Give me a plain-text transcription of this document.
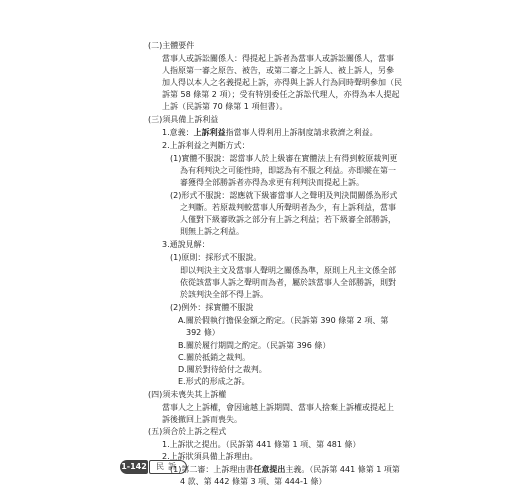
(二)主體要件
當事人或訴訟關係人：得提起上訴者為當事人或訴訟關係人，當事
人指原第一審之原告、被告，或第二審之上訴人、被上訴人，另參
加人得以本人之名義提起上訴，亦得與上訴人行為同時聲明參加（民
訴第 58 條第 2 項）；受有特別委任之訴訟代理人，亦得為本人提起
上訴（民訴第 70 條第 1 項但書）。
(三)須具備上訴利益
1.意義：上訴利益指當事人得利用上訴制度請求救濟之利益。
2.上訴利益之判斷方式：
(1)實體不服說：認當事人於上級審在實體法上有得到較原裁判更
為有利判決之可能性時，即認為有不服之利益。亦即縱在第一
審獲得全部勝訴者亦得為求更有利判決而提起上訴。
(2)形式不服說：認應就下級審當事人之聲明及判決間關係為形式
之判斷。若原裁判較當事人所聲明者為少，有上訴利益，當事
人僅對下級審敗訴之部分有上訴之利益；若下級審全部勝訴，
則無上訴之利益。
3.通說見解：
(1)原則：採形式不服說。
即以判決主文及當事人聲明之關係為準，原則上凡主文係全部
依從該當事人訴之聲明而為者，屬於該當事人全部勝訴，則對
於該判決全部不得上訴。
(2)例外：採實體不服說
A.關於假執行擔保金額之酌定。（民訴第 390 條第 2 項、第
392 條）
B.關於履行期間之酌定。（民訴第 396 條）
C.關於抵銷之裁判。
D.關於對待給付之裁判。
E.形式的形成之訴。
(四)須未喪失其上訴權
當事人之上訴權，會因逾越上訴期間、當事人捨棄上訴權或提起上
訴後撤回上訴而喪失。
(五)須合於上訴之程式
1.上訴狀之提出。（民訴第 441 條第 1 項、第 481 條）
2.上訴狀須具備上訴理由。
(1)第二審：上訴理由書任意提出主義。（民訴第 441 條第 1 項第
4 款、第 442 條第 3 項、第 444-1 條）
1-142	民訴
